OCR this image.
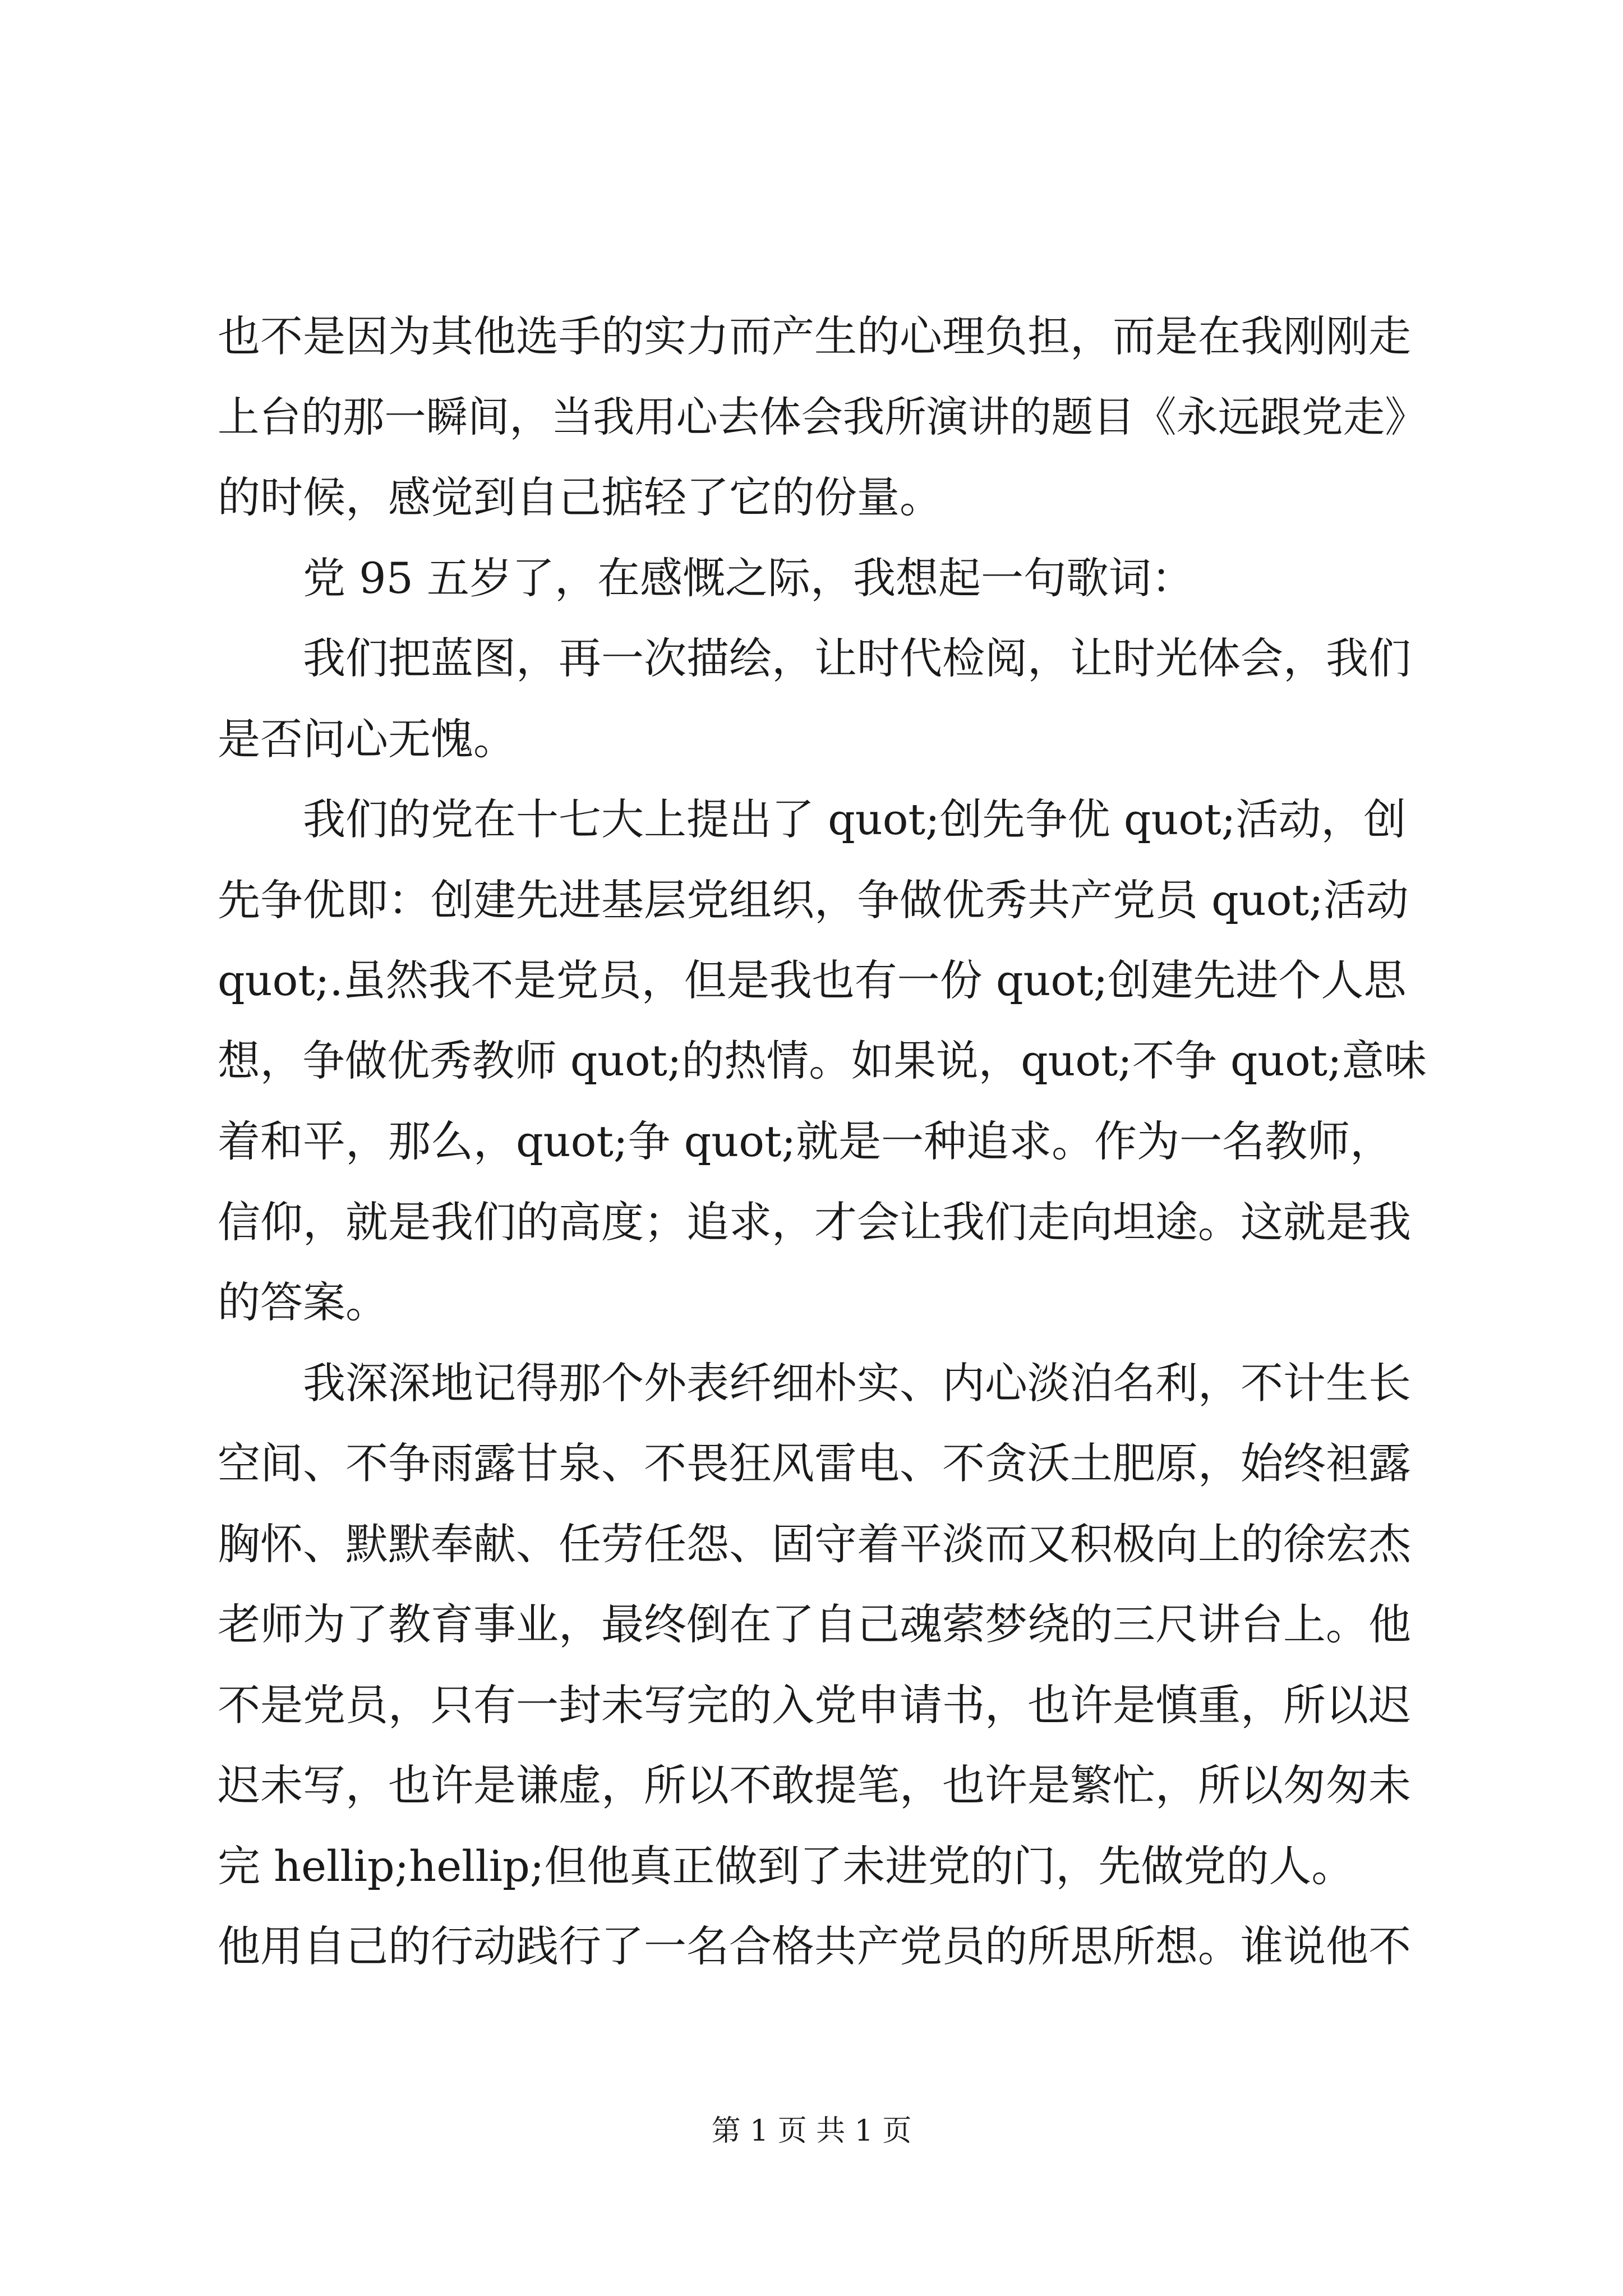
也不是因为其他选手的实力而产生的心理负担，而是在我刚刚走
上台的那一瞬间，当我用心去体会我所演讲的题目《永远跟党走》
的时候，感觉到自己掂轻了它的份量。
党 95 五岁了，在感慨之际，我想起一句歌词：
我们把蓝图，再一次描绘，让时代检阅，让时光体会，我们
是否问心无愧。
我们的党在十七大上提出了 quot;创先争优 quot;活动，创
先争优即：创建先进基层党组织，争做优秀共产党员 quot;活动
quot;.虽然我不是党员，但是我也有一份 quot;创建先进个人思
想，争做优秀教师 quot;的热情。如果说，quot;不争 quot;意味
着和平，那么，quot;争 quot;就是一种追求。作为一名教师，
信仰，就是我们的高度；追求，才会让我们走向坦途。这就是我
的答案。
我深深地记得那个外表纤细朴实、内心淡泊名利，不计生长
空间、不争雨露甘泉、不畏狂风雷电、不贪沃土肥原，始终袒露
胸怀、默默奉献、任劳任怨、固守着平淡而又积极向上的徐宏杰
老师为了教育事业，最终倒在了自己魂萦梦绕的三尺讲台上。他
不是党员，只有一封未写完的入党申请书，也许是慎重，所以迟
迟未写，也许是谦虚，所以不敢提笔，也许是繁忙，所以匆匆未
完 hellip;hellip;但他真正做到了未进党的门，先做党的人。
他用自己的行动践行了一名合格共产党员的所思所想。谁说他不
第 1 页 共 1 页
